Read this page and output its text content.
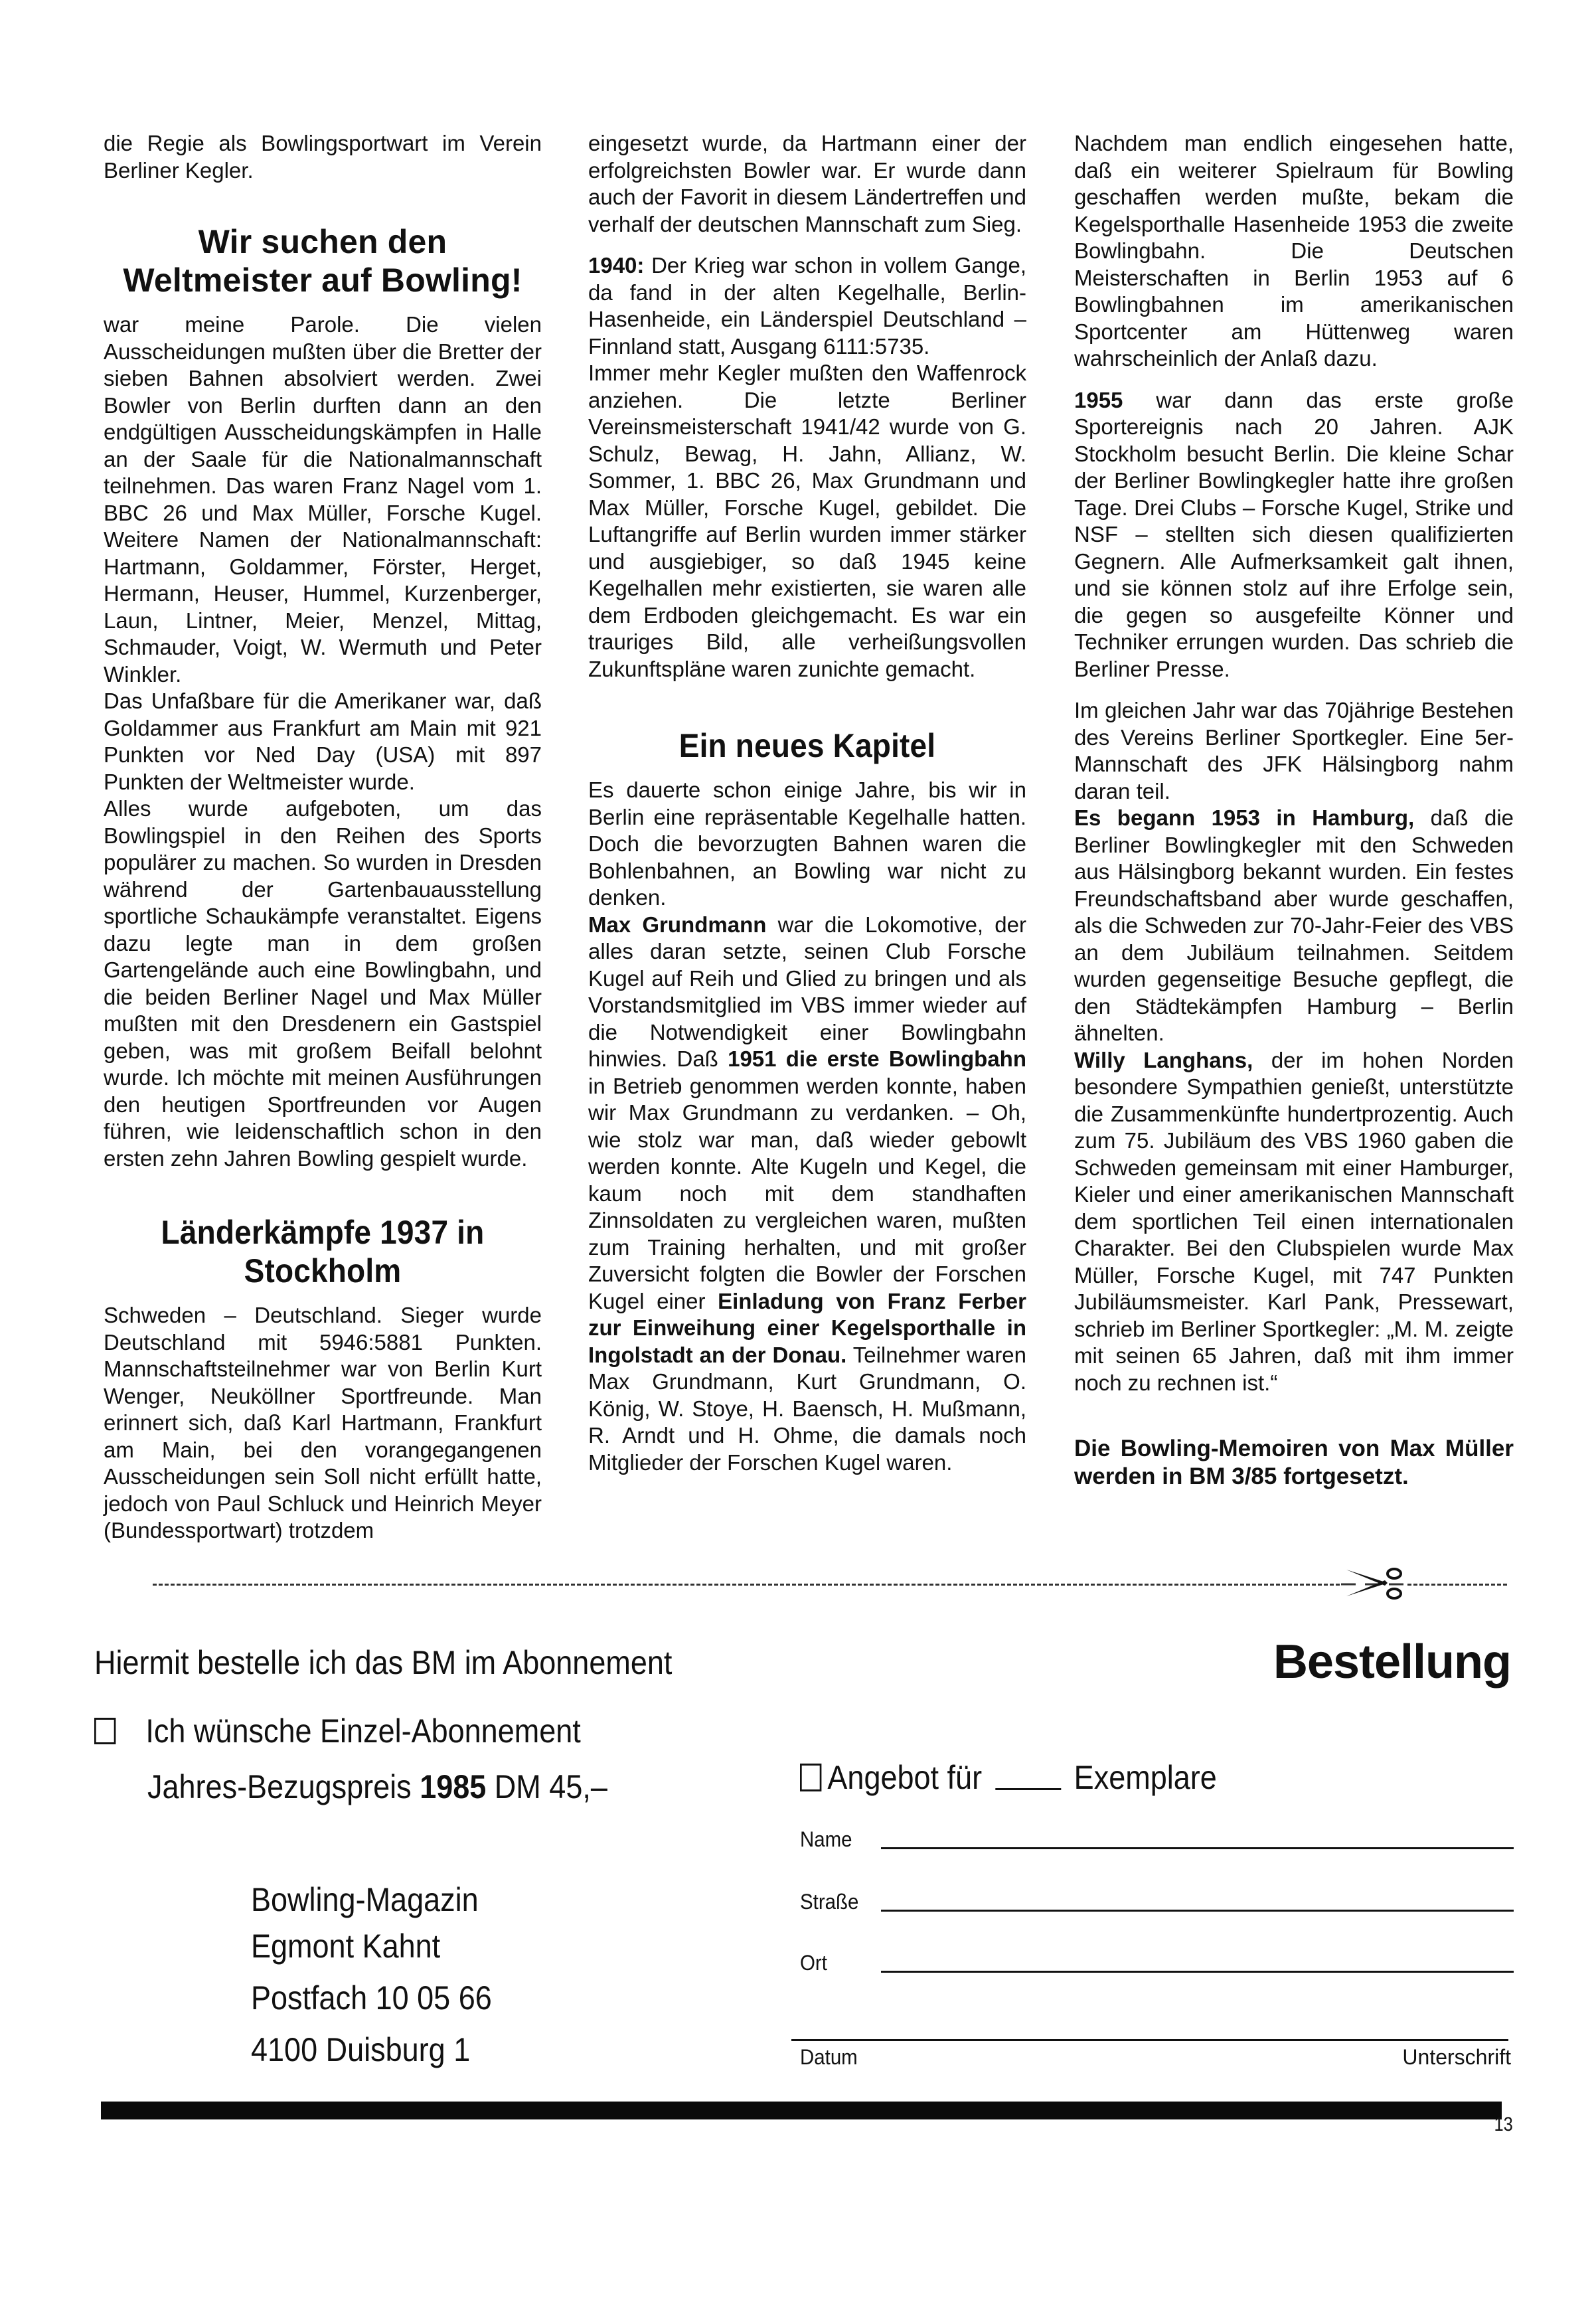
die Regie als Bowlingsportwart im Verein Berliner Kegler.

Wir suchen den Weltmeister auf Bowling!

war meine Parole. Die vielen Ausscheidungen mußten über die Bretter der sieben Bahnen absolviert werden. Zwei Bowler von Berlin durften dann an den endgültigen Ausscheidungskämpfen in Halle an der Saale für die Nationalmannschaft teilnehmen. Das waren Franz Nagel vom 1. BBC 26 und Max Müller, Forsche Kugel. Weitere Namen der Nationalmannschaft: Hartmann, Goldammer, Förster, Herget, Hermann, Heuser, Hummel, Kurzenberger, Laun, Lintner, Meier, Menzel, Mittag, Schmauder, Voigt, W. Wermuth und Peter Winkler.

Das Unfaßbare für die Amerikaner war, daß Goldammer aus Frankfurt am Main mit 921 Punkten vor Ned Day (USA) mit 897 Punkten der Weltmeister wurde.

Alles wurde aufgeboten, um das Bowlingspiel in den Reihen des Sports populärer zu machen. So wurden in Dresden während der Gartenbauausstellung sportliche Schaukämpfe veranstaltet. Eigens dazu legte man in dem großen Gartengelände auch eine Bowlingbahn, und die beiden Berliner Nagel und Max Müller mußten mit den Dresdenern ein Gastspiel geben, was mit großem Beifall belohnt wurde. Ich möchte mit meinen Ausführungen den heutigen Sportfreunden vor Augen führen, wie leidenschaftlich schon in den ersten zehn Jahren Bowling gespielt wurde.

Länderkämpfe 1937 in Stockholm

Schweden – Deutschland. Sieger wurde Deutschland mit 5946:5881 Punkten. Mannschaftsteilnehmer war von Berlin Kurt Wenger, Neuköllner Sportfreunde. Man erinnert sich, daß Karl Hartmann, Frankfurt am Main, bei den vorangegangenen Ausscheidungen sein Soll nicht erfüllt hatte, jedoch von Paul Schluck und Heinrich Meyer (Bundessportwart) trotzdem

eingesetzt wurde, da Hartmann einer der erfolgreichsten Bowler war. Er wurde dann auch der Favorit in diesem Ländertreffen und verhalf der deutschen Mannschaft zum Sieg.

1940: Der Krieg war schon in vollem Gange, da fand in der alten Kegelhalle, Berlin-Hasenheide, ein Länderspiel Deutschland – Finnland statt, Ausgang 6111:5735.

Immer mehr Kegler mußten den Waffenrock anziehen. Die letzte Berliner Vereinsmeisterschaft 1941/42 wurde von G. Schulz, Bewag, H. Jahn, Allianz, W. Sommer, 1. BBC 26, Max Grundmann und Max Müller, Forsche Kugel, gebildet. Die Luftangriffe auf Berlin wurden immer stärker und ausgiebiger, so daß 1945 keine Kegelhallen mehr existierten, sie waren alle dem Erdboden gleichgemacht. Es war ein trauriges Bild, alle verheißungsvollen Zukunftspläne waren zunichte gemacht.

Ein neues Kapitel

Es dauerte schon einige Jahre, bis wir in Berlin eine repräsentable Kegelhalle hatten. Doch die bevorzugten Bahnen waren die Bohlenbahnen, an Bowling war nicht zu denken.

Max Grundmann war die Lokomotive, der alles daran setzte, seinen Club Forsche Kugel auf Reih und Glied zu bringen und als Vorstandsmitglied im VBS immer wieder auf die Notwendigkeit einer Bowlingbahn hinwies. Daß 1951 die erste Bowlingbahn in Betrieb genommen werden konnte, haben wir Max Grundmann zu verdanken. – Oh, wie stolz war man, daß wieder gebowlt werden konnte. Alte Kugeln und Kegel, die kaum noch mit dem standhaften Zinnsoldaten zu vergleichen waren, mußten zum Training herhalten, und mit großer Zuversicht folgten die Bowler der Forschen Kugel einer Einladung von Franz Ferber zur Einweihung einer Kegelsporthalle in Ingolstadt an der Donau. Teilnehmer waren Max Grundmann, Kurt Grundmann, O. König, W. Stoye, H. Baensch, H. Mußmann, R. Arndt und H. Ohme, die damals noch Mitglieder der Forschen Kugel waren.

Nachdem man endlich eingesehen hatte, daß ein weiterer Spielraum für Bowling geschaffen werden mußte, bekam die Kegelsporthalle Hasenheide 1953 die zweite Bowlingbahn. Die Deutschen Meisterschaften in Berlin 1953 auf 6 Bowlingbahnen im amerikanischen Sportcenter am Hüttenweg waren wahrscheinlich der Anlaß dazu.

1955 war dann das erste große Sportereignis nach 20 Jahren. AJK Stockholm besucht Berlin. Die kleine Schar der Berliner Bowlingkegler hatte ihre großen Tage. Drei Clubs – Forsche Kugel, Strike und NSF – stellten sich diesen qualifizierten Gegnern. Alle Aufmerksamkeit galt ihnen, und sie können stolz auf ihre Erfolge sein, die gegen so ausgefeilte Könner und Techniker errungen wurden. Das schrieb die Berliner Presse.

Im gleichen Jahr war das 70jährige Bestehen des Vereins Berliner Sportkegler. Eine 5er-Mannschaft des JFK Hälsingborg nahm daran teil.

Es begann 1953 in Hamburg, daß die Berliner Bowlingkegler mit den Schweden aus Hälsingborg bekannt wurden. Ein festes Freundschaftsband aber wurde geschaffen, als die Schweden zur 70-Jahr-Feier des VBS an dem Jubiläum teilnahmen. Seitdem wurden gegenseitige Besuche gepflegt, die den Städtekämpfen Hamburg – Berlin ähnelten.

Willy Langhans, der im hohen Norden besondere Sympathien genießt, unterstützte die Zusammenkünfte hundertprozentig. Auch zum 75. Jubiläum des VBS 1960 gaben die Schweden gemeinsam mit einer Hamburger, Kieler und einer amerikanischen Mannschaft dem sportlichen Teil einen internationalen Charakter. Bei den Clubspielen wurde Max Müller, Forsche Kugel, mit 747 Punkten Jubiläumsmeister. Karl Pank, Pressewart, schrieb im Berliner Sportkegler: „M. M. zeigte mit seinen 65 Jahren, daß mit ihm immer noch zu rechnen ist.“

Die Bowling-Memoiren von Max Müller werden in BM 3/85 fortgesetzt.

Hiermit bestelle ich das BM im Abonnement	Bestellung
Ich wünsche Einzel-Abonnement
Jahres-Bezugspreis 1985 DM 45,–
Bowling-Magazin
Egmont Kahnt
Postfach 10 05 66
4100 Duisburg 1
Angebot für	Exemplare
Name
Straße
Ort
Datum	Unterschrift
13
